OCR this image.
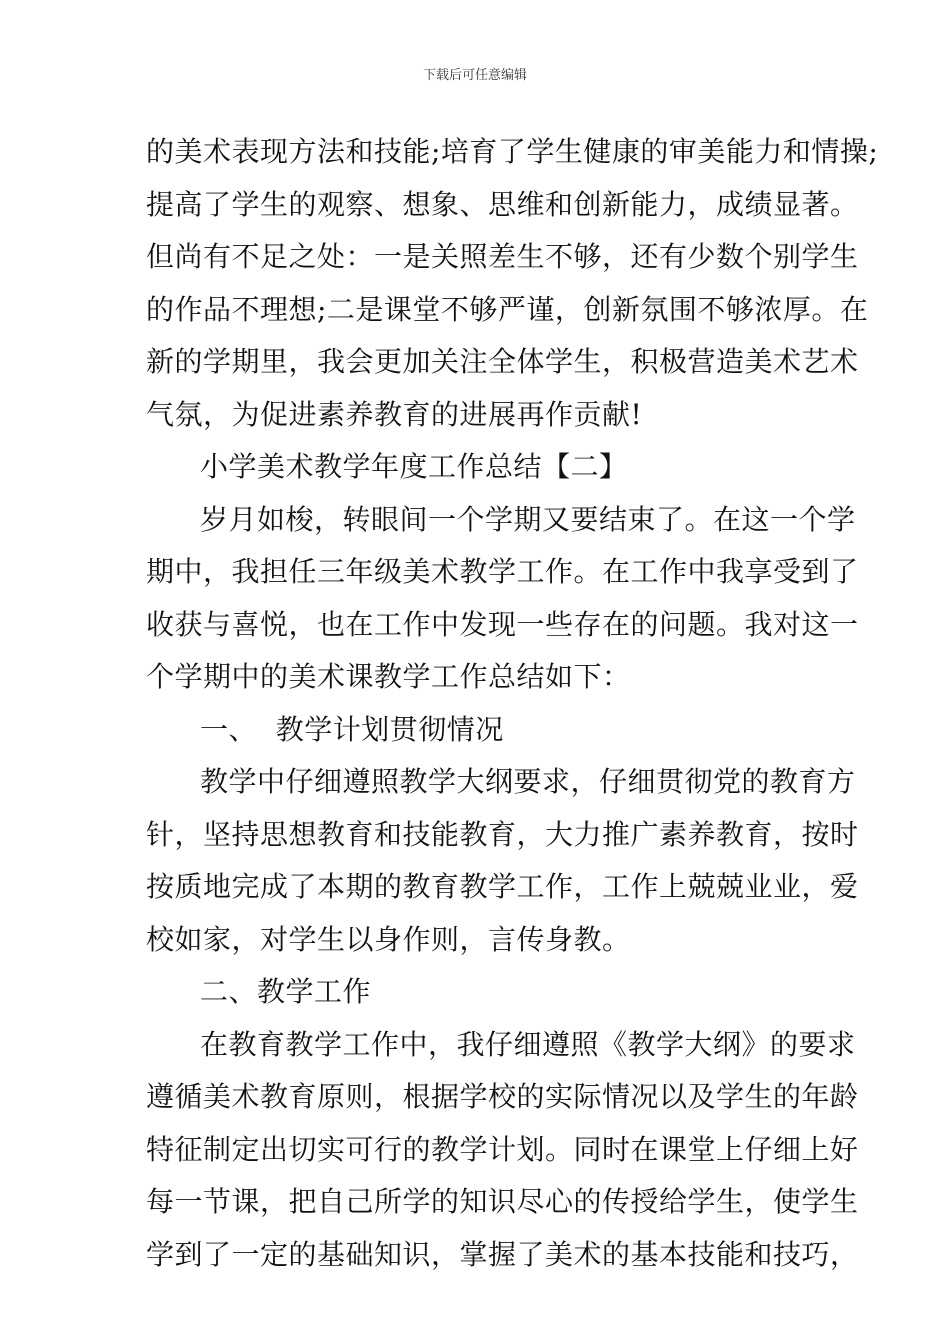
下载后可任意编辑
的美术表现方法和技能;培育了学生健康的审美能力和情操;
提高了学生的观察、想象、思维和创新能力，成绩显著。
但尚有不足之处：一是关照差生不够，还有少数个别学生
的作品不理想;二是课堂不够严谨，创新氛围不够浓厚。在
新的学期里，我会更加关注全体学生，积极营造美术艺术
气氛，为促进素养教育的进展再作贡献!
小学美术教学年度工作总结【二】
岁月如梭，转眼间一个学期又要结束了。在这一个学
期中，我担任三年级美术教学工作。在工作中我享受到了
收获与喜悦，也在工作中发现一些存在的问题。我对这一
个学期中的美术课教学工作总结如下：
一、  教学计划贯彻情况
教学中仔细遵照教学大纲要求，仔细贯彻党的教育方
针，坚持思想教育和技能教育，大力推广素养教育，按时
按质地完成了本期的教育教学工作，工作上兢兢业业，爱
校如家，对学生以身作则，言传身教。
二、教学工作
在教育教学工作中，我仔细遵照《教学大纲》的要求
遵循美术教育原则，根据学校的实际情况以及学生的年龄
特征制定出切实可行的教学计划。同时在课堂上仔细上好
每一节课，把自己所学的知识尽心的传授给学生，使学生
学到了一定的基础知识，掌握了美术的基本技能和技巧，
